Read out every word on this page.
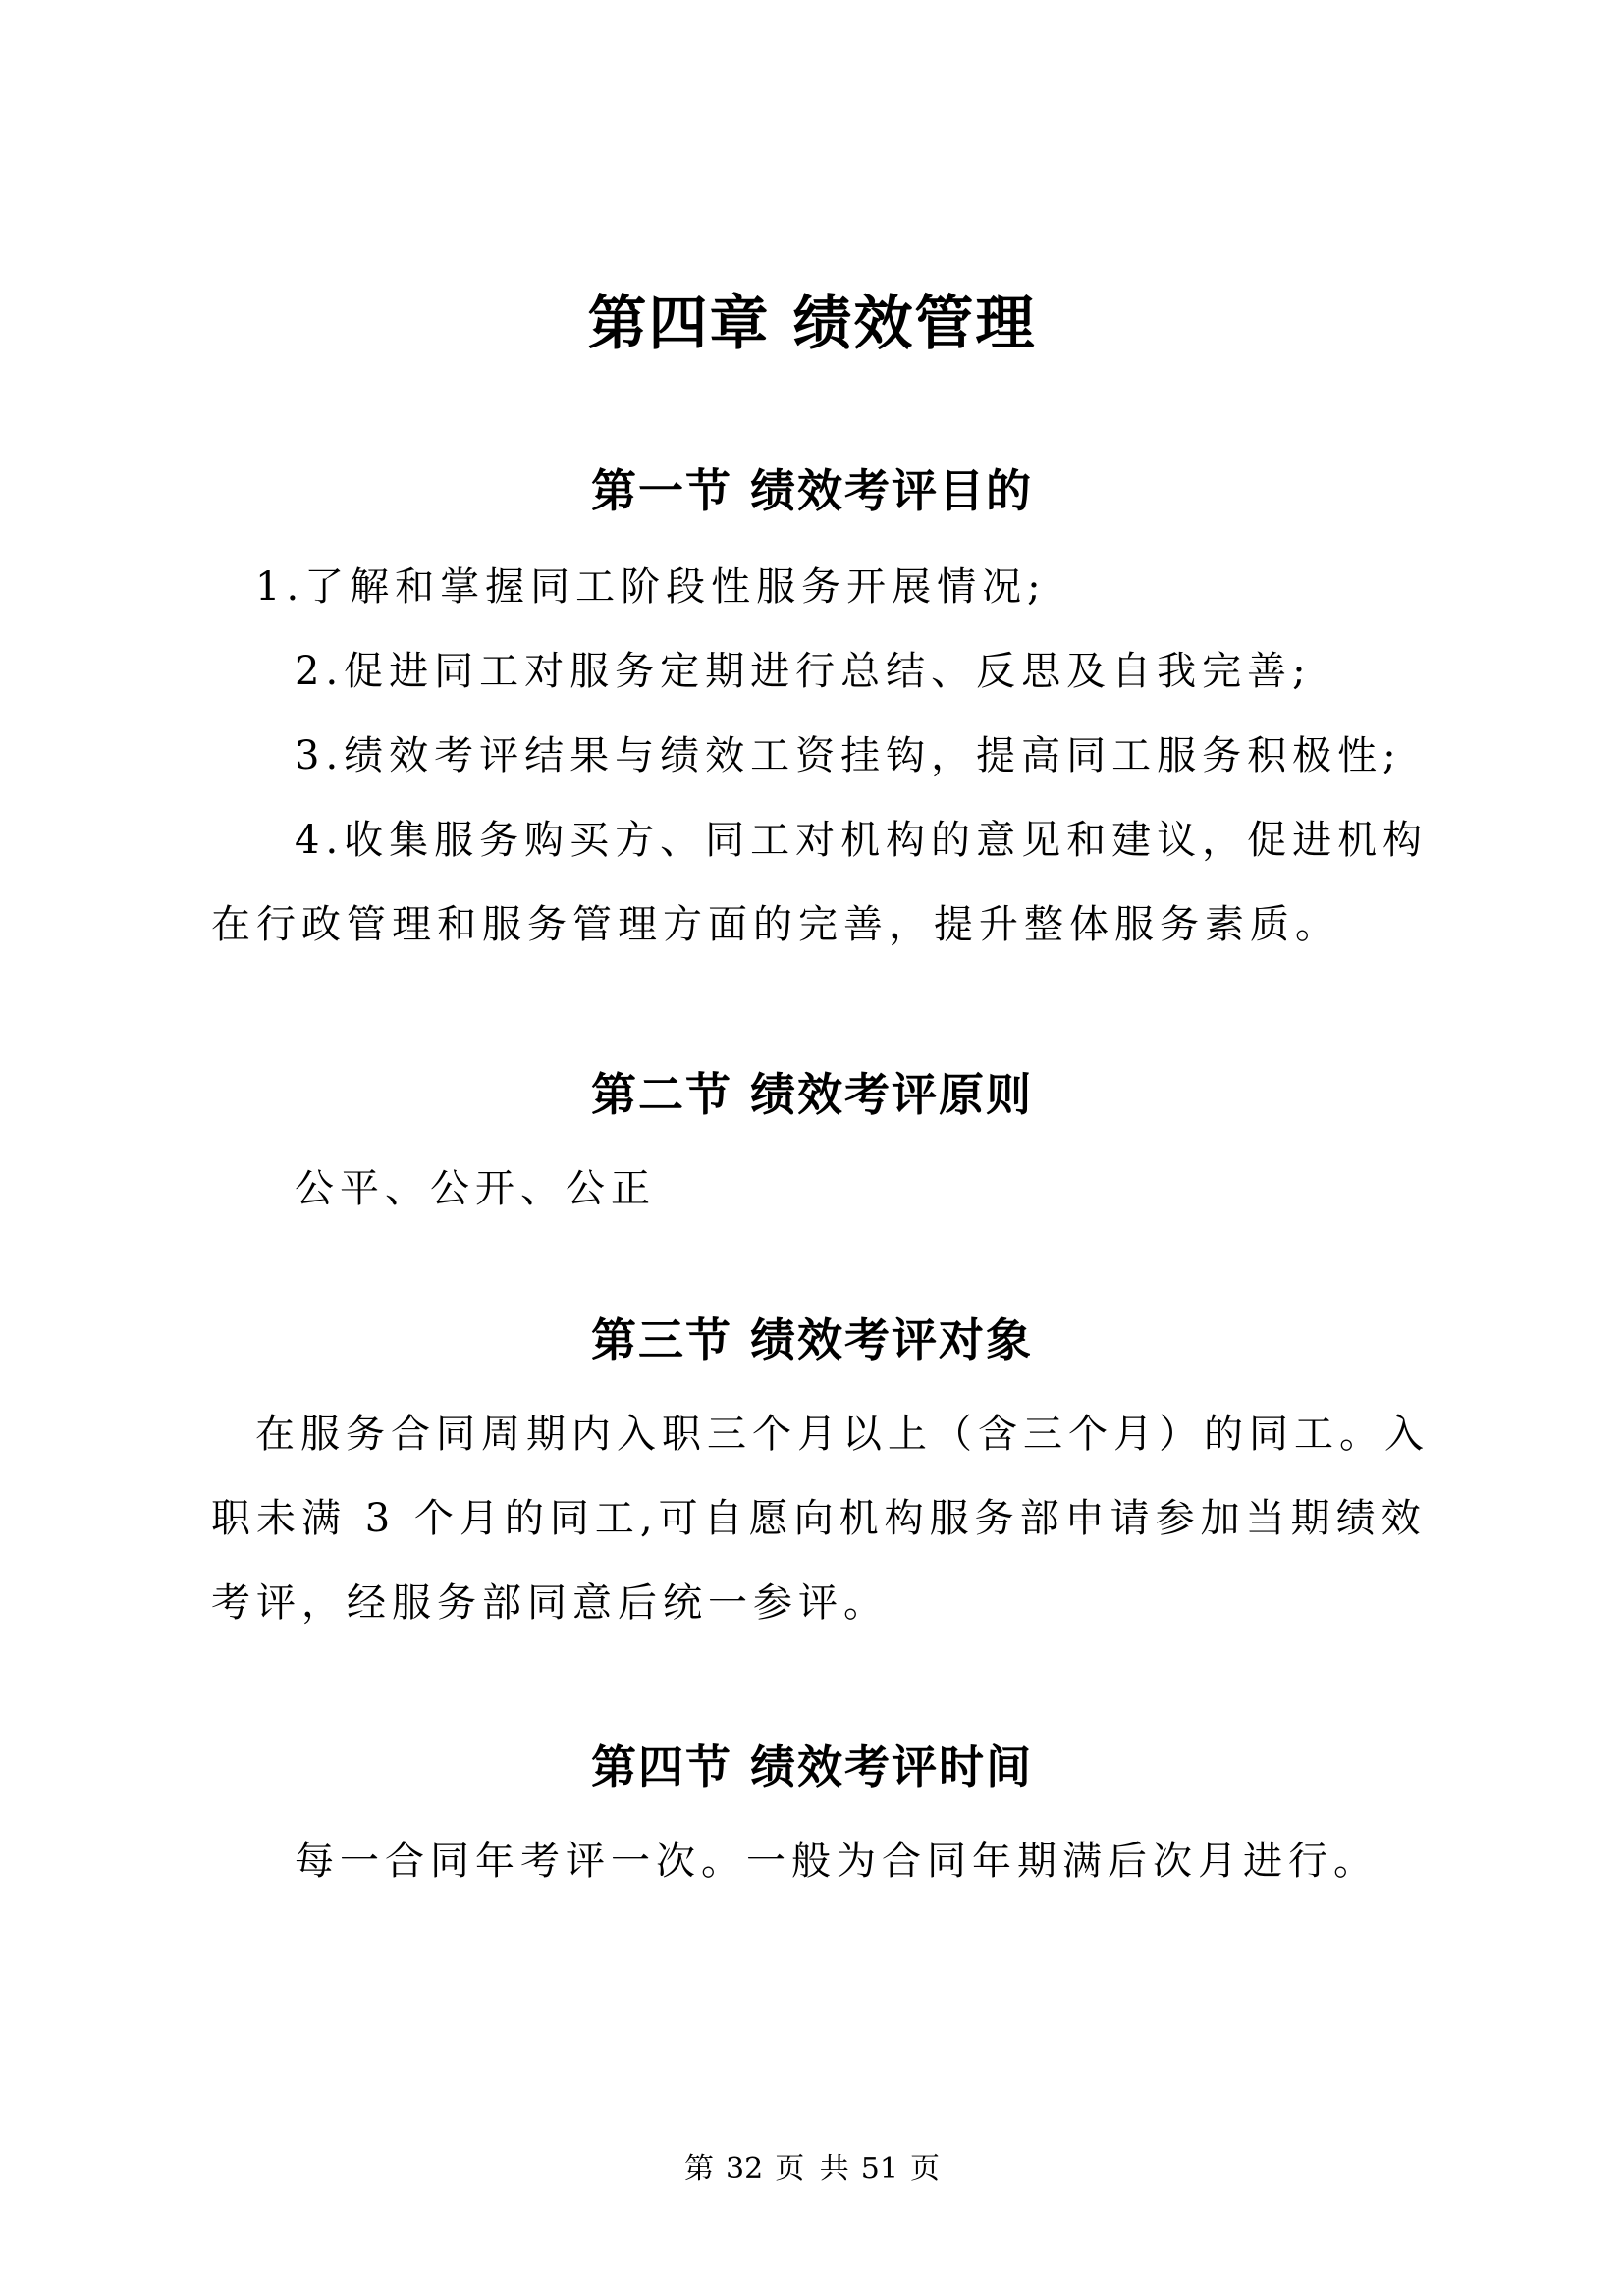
第四章 绩效管理
第一节 绩效考评目的

1.了解和掌握同工阶段性服务开展情况;

2.促进同工对服务定期进行总结、反思及自我完善;

3.绩效考评结果与绩效工资挂钩，提高同工服务积极性;

4.收集服务购买方、同工对机构的意见和建议，促进机构在行政管理和服务管理方面的完善，提升整体服务素质。

第二节 绩效考评原则

公平、公开、公正

第三节 绩效考评对象

在服务合同周期内入职三个月以上（含三个月）的同工。入职未满 3 个月的同工,可自愿向机构服务部申请参加当期绩效考评，经服务部同意后统一参评。

第四节 绩效考评时间

每一合同年考评一次。一般为合同年期满后次月进行。

第 32 页 共 51 页
